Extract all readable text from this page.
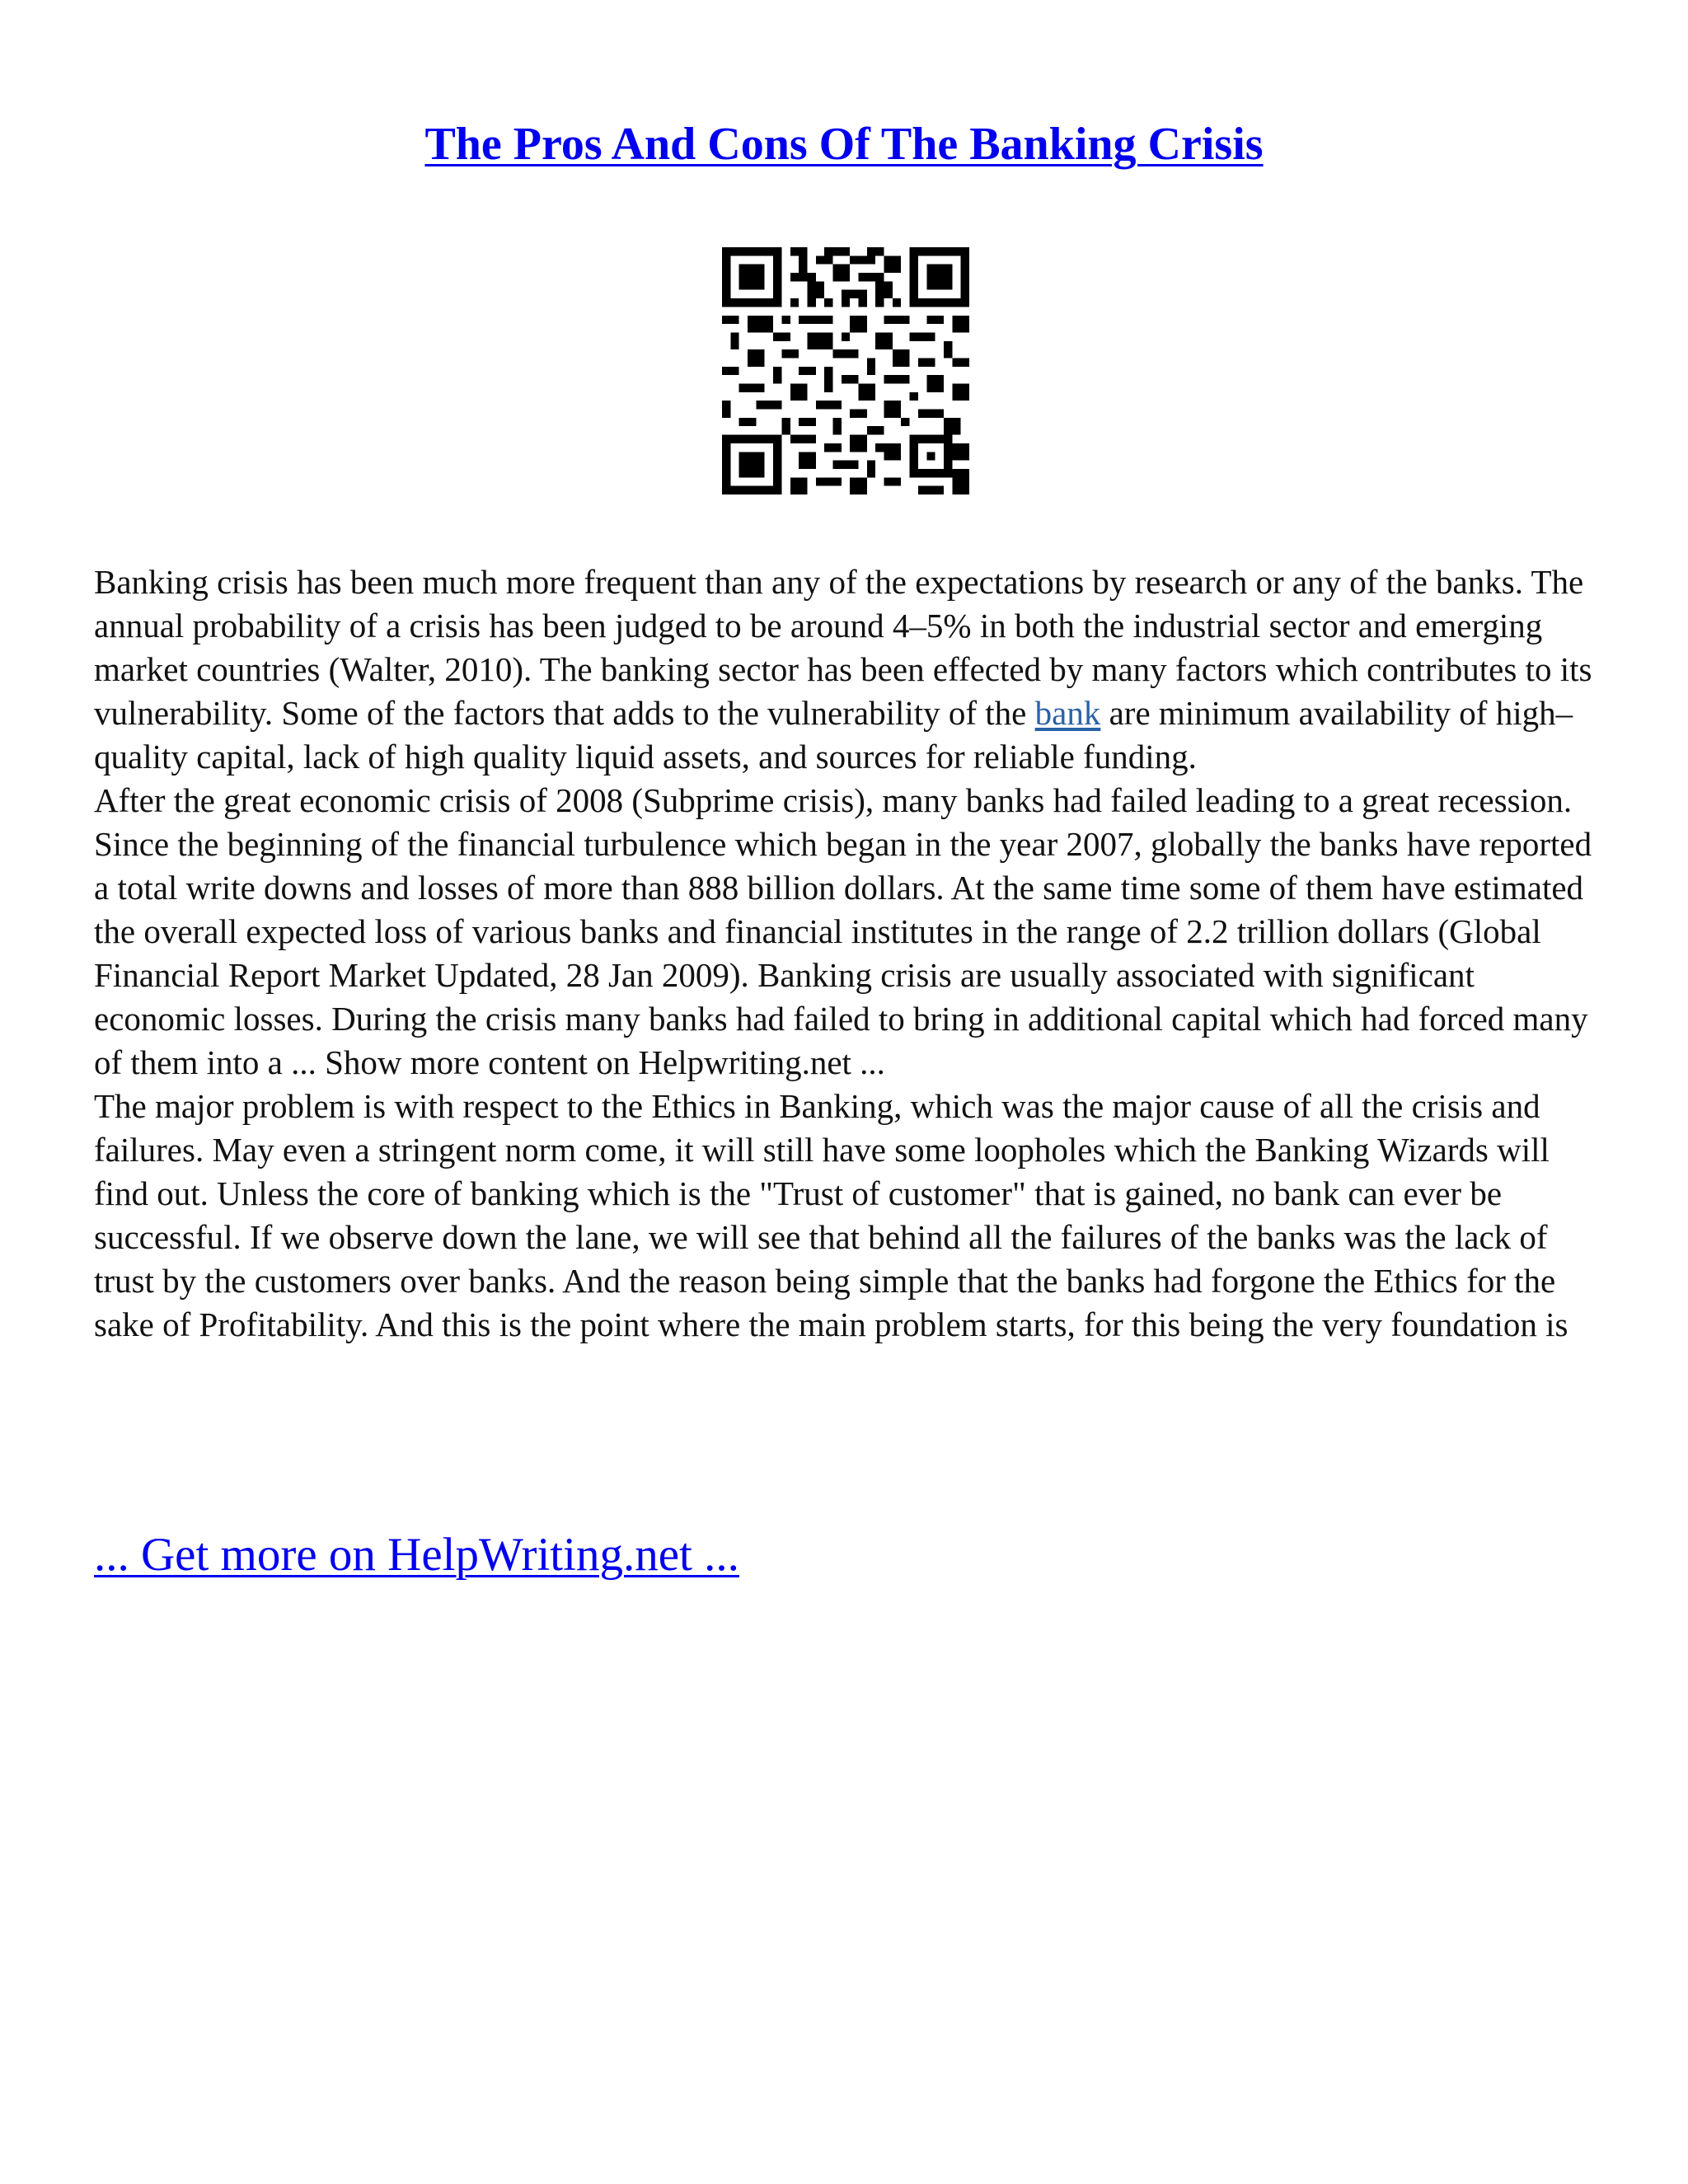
The Pros And Cons Of The Banking Crisis

Banking crisis has been much more frequent than any of the expectations by research or any of the banks. The annual probability of a crisis has been judged to be around 4–5% in both the industrial sector and emerging market countries (Walter, 2010). The banking sector has been effected by many factors which contributes to its vulnerability. Some of the factors that adds to the vulnerability of the bank are minimum availability of high–quality capital, lack of high quality liquid assets, and sources for reliable funding.

After the great economic crisis of 2008 (Subprime crisis), many banks had failed leading to a great recession. Since the beginning of the financial turbulence which began in the year 2007, globally the banks have reported a total write downs and losses of more than 888 billion dollars. At the same time some of them have estimated the overall expected loss of various banks and financial institutes in the range of 2.2 trillion dollars (Global Financial Report Market Updated, 28 Jan 2009). Banking crisis are usually associated with significant economic losses. During the crisis many banks had failed to bring in additional capital which had forced many of them into a ... Show more content on Helpwriting.net ...

The major problem is with respect to the Ethics in Banking, which was the major cause of all the crisis and failures. May even a stringent norm come, it will still have some loopholes which the Banking Wizards will find out. Unless the core of banking which is the "Trust of customer" that is gained, no bank can ever be successful. If we observe down the lane, we will see that behind all the failures of the banks was the lack of trust by the customers over banks. And the reason being simple that the banks had forgone the Ethics for the sake of Profitability. And this is the point where the main problem starts, for this being the very foundation is

... Get more on HelpWriting.net ...
